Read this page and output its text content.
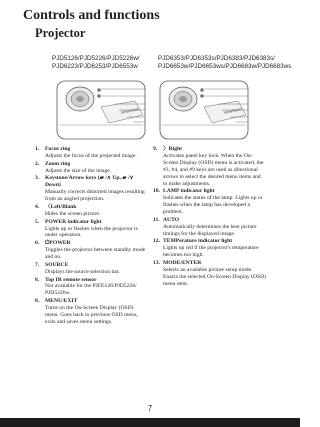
Controls and functions
Projector
PJD5126/PJD5226/PJD5226w/
PJD6223/PJD6253/PJD6553w
PJD6353/PJD6353s/PJD6383/PJD6383s/
PJD6653w/PJD6653ws/PJD6683w/PJD6683ws
ViewSonic	ViewSonic
1. Focus ring
Adjusts the focus of the projected image.
2. Zoom ring
Adjusts the size of the image.
3. Keystone/Arrow keys (▰ /∧ Up, ▰ /∨ Down)
Manually corrects distorted images resulting from an angled projection.
4. 〈Left/Blank
Hides the screen picture.
5. POWER indicator light
Lights up or flashes when the projector is under operation.
6. ⏻POWER
Toggles the projector between standby mode and on.
7. SOURCE
Displays the source selection bar.
8. Top IR remote sensor
Not available for the PJD5126/PJD5226/ PJD5226w.
8. MENU/EXIT
Turns on the On-Screen Display (OSD) menu. Goes back to previous OSD menu, exits and saves menu settings.
9. 〉Right
Activates panel key lock. When the On-Screen Display (OSD) menu is activated, the #3, #4, and #9 keys are used as directional arrows to select the desired menu items and to make adjustments.
10. LAMP indicator light
Indicates the status of the lamp. Lights up or flashes when the lamp has developed a problem.
11. AUTO
Automatically determines the best picture timings for the displayed image.
12. TEMPerature indicator light
Lights up red if the projector's temperature becomes too high.
13. MODE/ENTER
Selects an available picture setup mode. Enacts the selected On-Screen Display (OSD) menu item.
7
